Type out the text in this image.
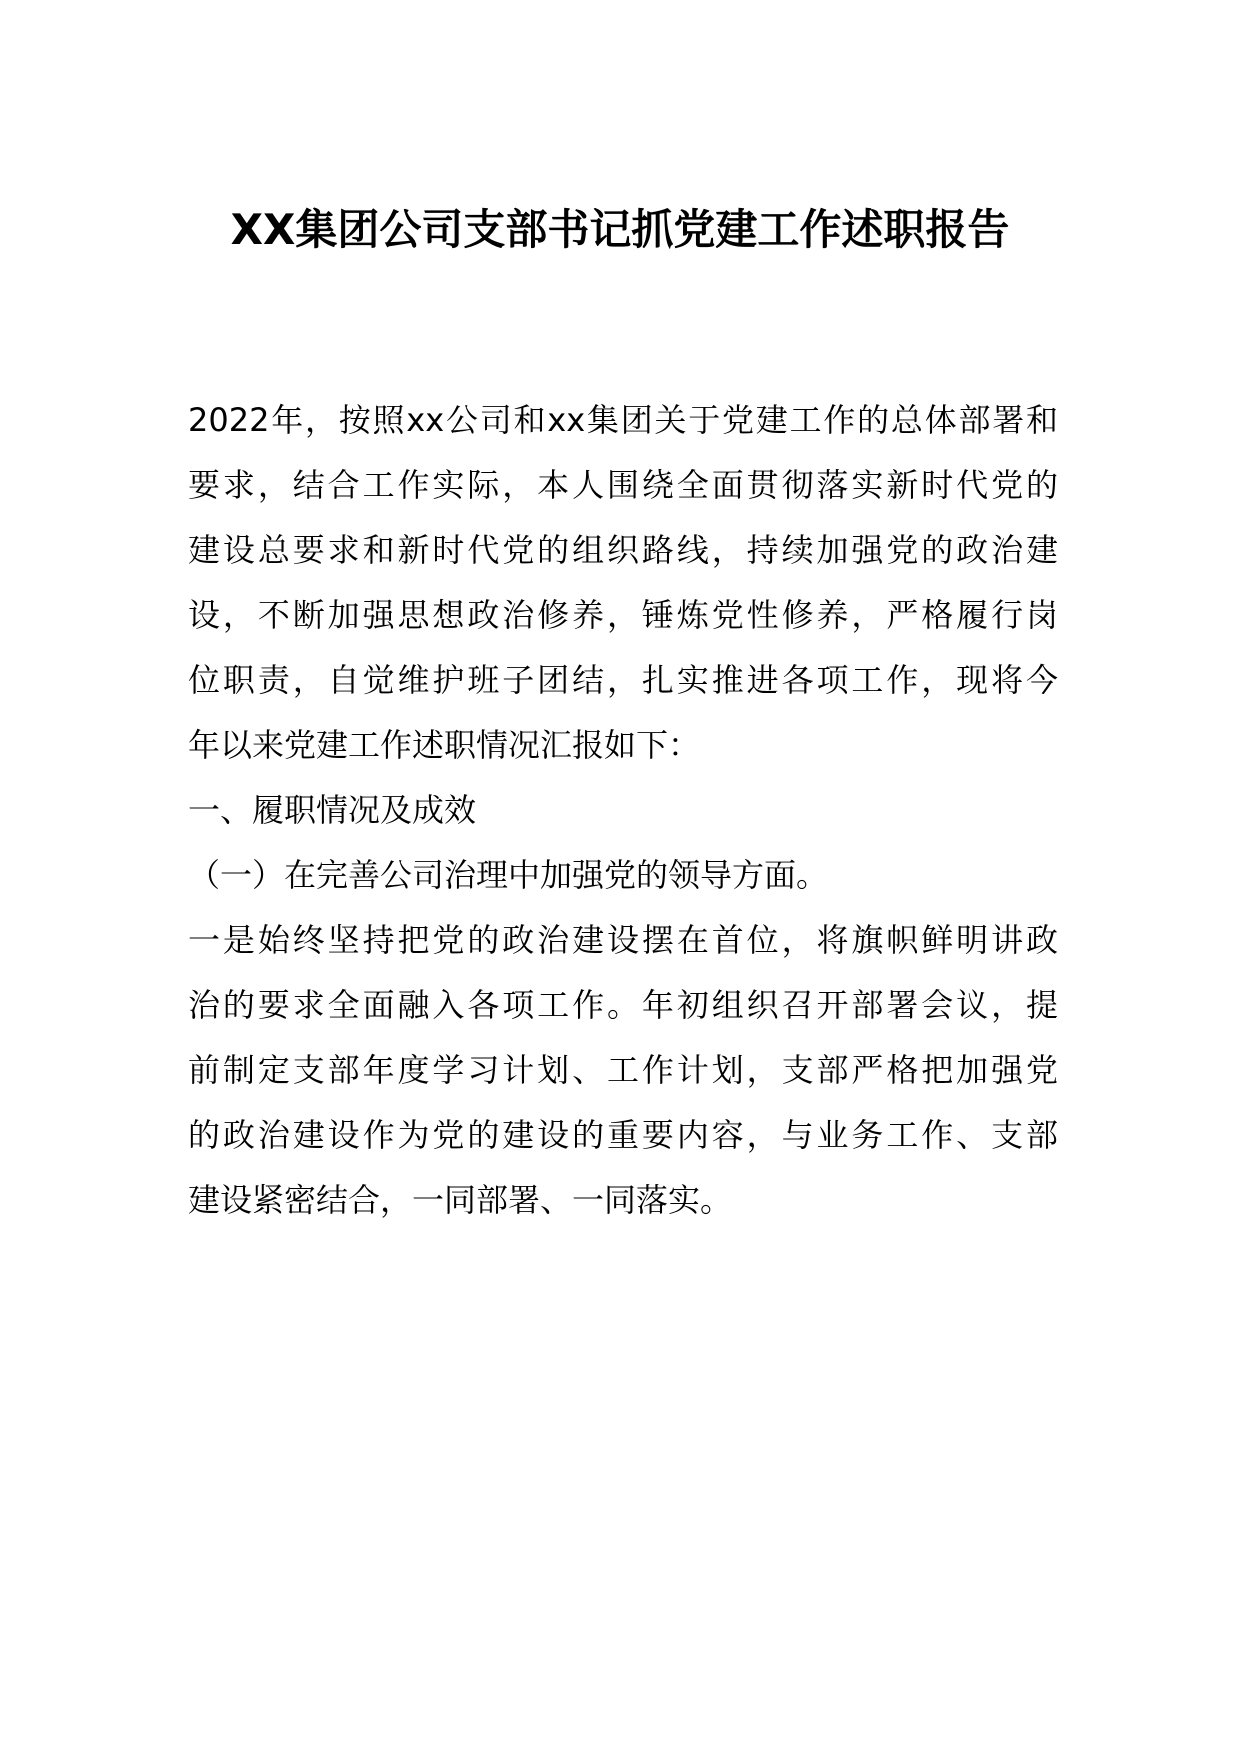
XX集团公司支部书记抓党建工作述职报告
2022年，按照xx公司和xx集团关于党建工作的总体部署和
要求，结合工作实际，本人围绕全面贯彻落实新时代党的
建设总要求和新时代党的组织路线，持续加强党的政治建
设，不断加强思想政治修养，锤炼党性修养，严格履行岗
位职责，自觉维护班子团结，扎实推进各项工作，现将今
年以来党建工作述职情况汇报如下：
一、履职情况及成效
（一）在完善公司治理中加强党的领导方面。
一是始终坚持把党的政治建设摆在首位，将旗帜鲜明讲政
治的要求全面融入各项工作。年初组织召开部署会议，提
前制定支部年度学习计划、工作计划，支部严格把加强党
的政治建设作为党的建设的重要内容，与业务工作、支部
建设紧密结合，一同部署、一同落实。
